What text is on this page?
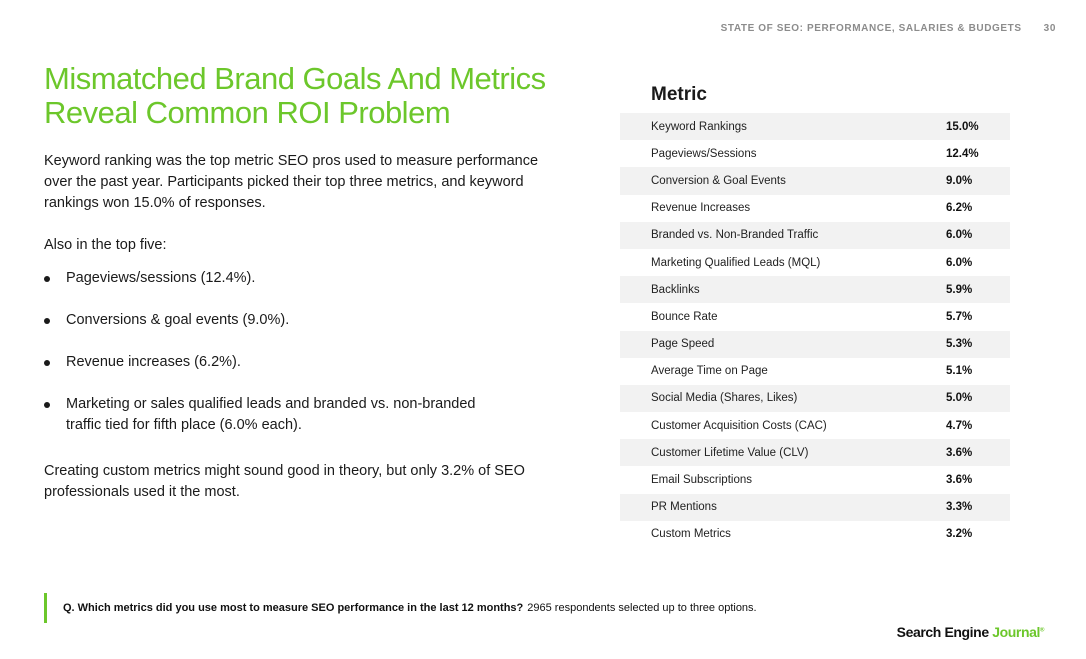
STATE OF SEO: PERFORMANCE, SALARIES & BUDGETS 30
Mismatched Brand Goals And Metrics Reveal Common ROI Problem

Keyword ranking was the top metric SEO pros used to measure performance over the past year. Participants picked their top three metrics, and keyword rankings won 15.0% of responses.

Also in the top five:

Pageviews/sessions (12.4%).
Conversions & goal events (9.0%).
Revenue increases (6.2%).
Marketing or sales qualified leads and branded vs. non-branded traffic tied for fifth place (6.0% each).

Creating custom metrics might sound good in theory, but only 3.2% of SEO professionals used it the most.

Metric
Keyword Rankings	15.0%
Pageviews/Sessions	12.4%
Conversion & Goal Events	9.0%
Revenue Increases	6.2%
Branded vs. Non-Branded Traffic	6.0%
Marketing Qualified Leads (MQL)	6.0%
Backlinks	5.9%
Bounce Rate	5.7%
Page Speed	5.3%
Average Time on Page	5.1%
Social Media (Shares, Likes)	5.0%
Customer Acquisition Costs (CAC)	4.7%
Customer Lifetime Value (CLV)	3.6%
Email Subscriptions	3.6%
PR Mentions	3.3%
Custom Metrics	3.2%
Q. Which metrics did you use most to measure SEO performance in the last 12 months? 2965 respondents selected up to three options.
Search Engine Journal®
